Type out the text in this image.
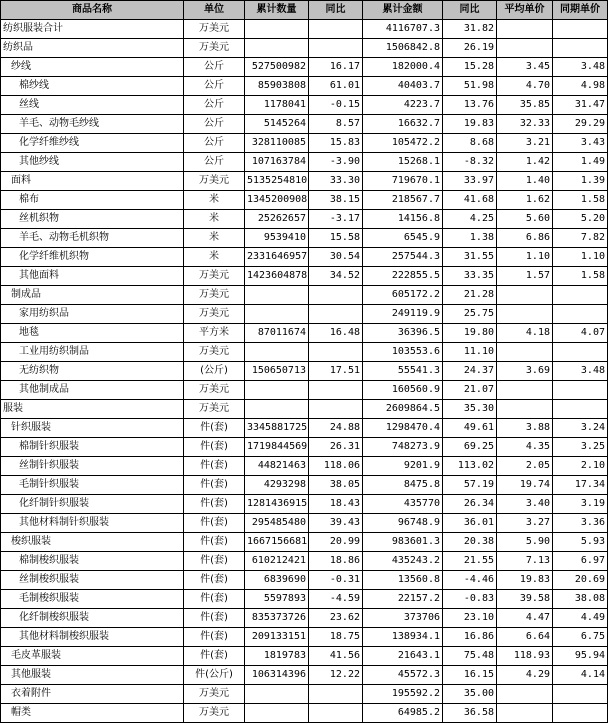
商品名称	单位	累计数量	同比	累计金额	同比	平均单价	同期单价
纺织服装合计	万美元			4116707.3	31.82		
纺织品	万美元			1506842.8	26.19		
纱线	公斤	527500982	16.17	182000.4	15.28	3.45	3.48
棉纱线	公斤	85903808	61.01	40403.7	51.98	4.70	4.98
丝线	公斤	1178041	-0.15	4223.7	13.76	35.85	31.47
羊毛、动物毛纱线	公斤	5145264	8.57	16632.7	19.83	32.33	29.29
化学纤维纱线	公斤	328110085	15.83	105472.2	8.68	3.21	3.43
其他纱线	公斤	107163784	-3.90	15268.1	-8.32	1.42	1.49
面料	万美元	5135254810	33.30	719670.1	33.97	1.40	1.39
棉布	米	1345200908	38.15	218567.7	41.68	1.62	1.58
丝机织物	米	25262657	-3.17	14156.8	4.25	5.60	5.20
羊毛、动物毛机织物	米	9539410	15.58	6545.9	1.38	6.86	7.82
化学纤维机织物	米	2331646957	30.54	257544.3	31.55	1.10	1.10
其他面料	万美元	1423604878	34.52	222855.5	33.35	1.57	1.58
制成品	万美元			605172.2	21.28		
家用纺织品	万美元			249119.9	25.75		
地毯	平方米	87011674	16.48	36396.5	19.80	4.18	4.07
工业用纺织制品	万美元			103553.6	11.10		
无纺织物	(公斤)	150650713	17.51	55541.3	24.37	3.69	3.48
其他制成品	万美元			160560.9	21.07		
服装	万美元			2609864.5	35.30		
针织服装	件(套)	3345881725	24.88	1298470.4	49.61	3.88	3.24
棉制针织服装	件(套)	1719844569	26.31	748273.9	69.25	4.35	3.25
丝制针织服装	件(套)	44821463	118.06	9201.9	113.02	2.05	2.10
毛制针织服装	件(套)	4293298	38.05	8475.8	57.19	19.74	17.34
化纤制针织服装	件(套)	1281436915	18.43	435770	26.34	3.40	3.19
其他材料制针织服装	件(套)	295485480	39.43	96748.9	36.01	3.27	3.36
梭织服装	件(套)	1667156681	20.99	983601.3	20.38	5.90	5.93
棉制梭织服装	件(套)	610212421	18.86	435243.2	21.55	7.13	6.97
丝制梭织服装	件(套)	6839690	-0.31	13560.8	-4.46	19.83	20.69
毛制梭织服装	件(套)	5597893	-4.59	22157.2	-0.83	39.58	38.08
化纤制梭织服装	件(套)	835373726	23.62	373706	23.10	4.47	4.49
其他材料制梭织服装	件(套)	209133151	18.75	138934.1	16.86	6.64	6.75
毛皮革服装	件(套)	1819783	41.56	21643.1	75.48	118.93	95.94
其他服装	件(公斤)	106314396	12.22	45572.3	16.15	4.29	4.14
衣着附件	万美元			195592.2	35.00		
帽类	万美元			64985.2	36.58		
